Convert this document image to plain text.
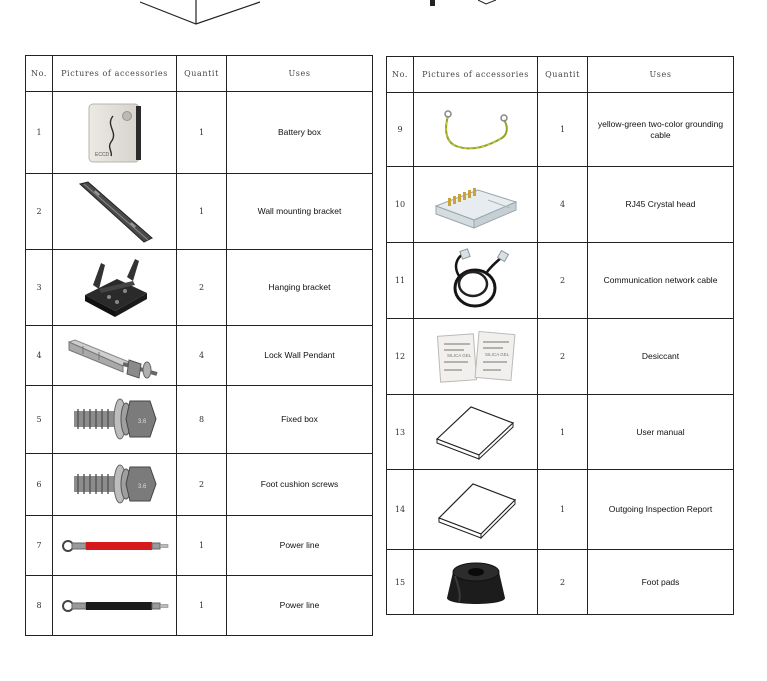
No.	Pictures of accessories	Quantit	Uses
1	ECCD	1	Battery box
2		1	Wall mounting bracket
3		2	Hanging bracket
4		4	Lock Wall Pendant
5	3.6	8	Fixed box
6	3.6	2	Foot cushion screws
7		1	Power line
8		1	Power line
No.	Pictures of accessories	Quantit	Uses
9		1	yellow-green two-color grounding cable
10		4	RJ45 Crystal head
11		2	Communication network cable
12	SILICA GEL SILICA GEL	2	Desiccant
13		1	User manual
14		1	Outgoing Inspection Report
15		2	Foot pads
